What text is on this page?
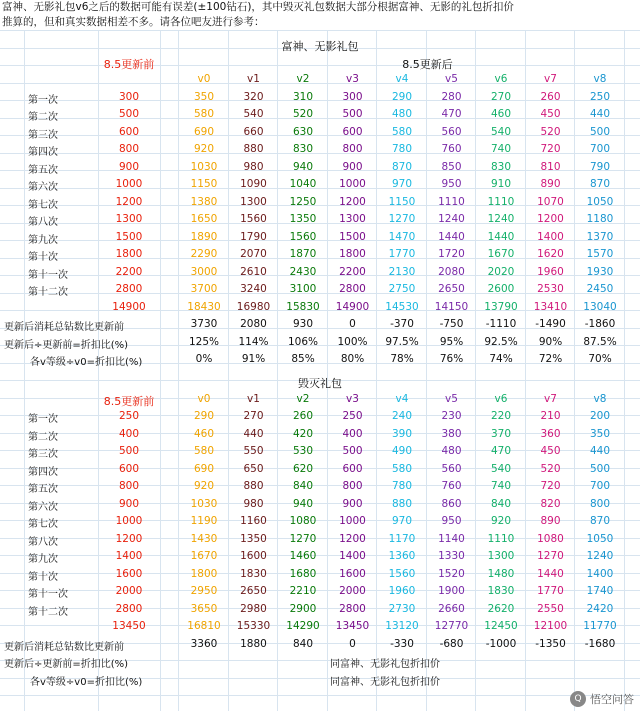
富神、无影礼包v6之后的数据可能有误差(±100钻石)，其中毁灭礼包数据大部分根据富神、无影的礼包折扣价
推算的，但和真实数据相差不多。请各位吧友进行参考：
富神、无影礼包
8.5更新前	8.5更新后
v0	v1	v2	v3	v4	v5	v6	v7	v8
第一次	300	350	320	310	300	290	280	270	260	250
第二次	500	580	540	520	500	480	470	460	450	440
第三次	600	690	660	630	600	580	560	540	520	500
第四次	800	920	880	830	800	780	760	740	720	700
第五次	900	1030	980	940	900	870	850	830	810	790
第六次	1000	1150	1090	1040	1000	970	950	910	890	870
第七次	1200	1380	1300	1250	1200	1150	1110	1110	1070	1050
第八次	1300	1650	1560	1350	1300	1270	1240	1240	1200	1180
第九次	1500	1890	1790	1560	1500	1470	1440	1440	1400	1370
第十次	1800	2290	2070	1870	1800	1770	1720	1670	1620	1570
第十一次	2200	3000	2610	2430	2200	2130	2080	2020	1960	1930
第十二次	2800	3700	3240	3100	2800	2750	2650	2600	2530	2450
14900	18430	16980	15830	14900	14530	14150	13790	13410	13040
更新后消耗总钻数比更新前	3730	2080	930	0	-370	-750	-1110	-1490	-1860
更新后÷更新前=折扣比(%)	125%	114%	106%	100%	97.5%	95%	92.5%	90%	87.5%
各v等级÷v0=折扣比(%)	0%	91%	85%	80%	78%	76%	74%	72%	70%
毁灭礼包
8.5更新前	v0	v1	v2	v3	v4	v5	v6	v7	v8
第一次	250	290	270	260	250	240	230	220	210	200
第二次	400	460	440	420	400	390	380	370	360	350
第三次	500	580	550	530	500	490	480	470	450	440
第四次	600	690	650	620	600	580	560	540	520	500
第五次	800	920	880	840	800	780	760	740	720	700
第六次	900	1030	980	940	900	880	860	840	820	800
第七次	1000	1190	1160	1080	1000	970	950	920	890	870
第八次	1200	1430	1350	1270	1200	1170	1140	1110	1080	1050
第九次	1400	1670	1600	1460	1400	1360	1330	1300	1270	1240
第十次	1600	1800	1830	1680	1600	1560	1520	1480	1440	1400
第十一次	2000	2950	2650	2210	2000	1960	1900	1830	1770	1740
第十二次	2800	3650	2980	2900	2800	2730	2660	2620	2550	2420
13450	16810	15330	14290	13450	13120	12770	12450	12100	11770
更新后消耗总钻数比更新前	3360	1880	840	0	-330	-680	-1000	-1350	-1680
更新后÷更新前=折扣比(%)	同富神、无影礼包折扣价
各v等级÷v0=折扣比(%)	同富神、无影礼包折扣价
Q 悟空问答
